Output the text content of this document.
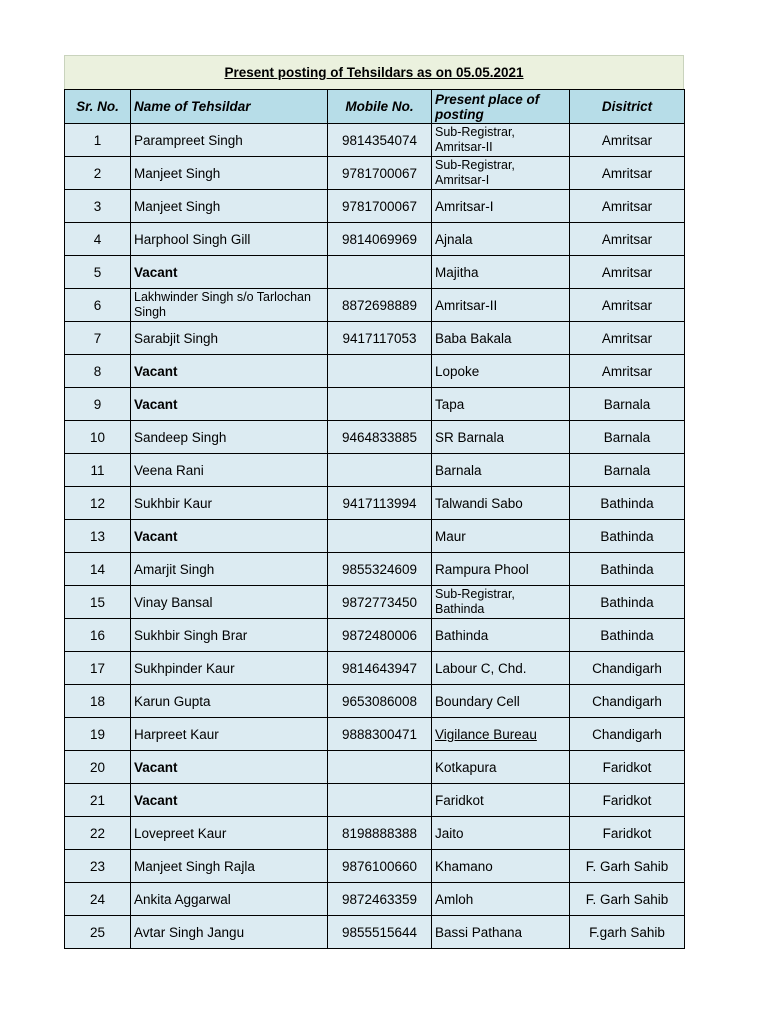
Present posting of Tehsildars as on 05.05.2021
Sr. No.	Name of Tehsildar	Mobile No.	Present place of posting	Disitrict
1	Parampreet Singh	9814354074	Sub-Registrar, Amritsar-II	Amritsar
2	Manjeet Singh	9781700067	Sub-Registrar, Amritsar-I	Amritsar
3	Manjeet Singh	9781700067	Amritsar-I	Amritsar
4	Harphool Singh Gill	9814069969	Ajnala	Amritsar
5	Vacant		Majitha	Amritsar
6	Lakhwinder Singh s/o Tarlochan Singh	8872698889	Amritsar-II	Amritsar
7	Sarabjit Singh	9417117053	Baba Bakala	Amritsar
8	Vacant		Lopoke	Amritsar
9	Vacant		Tapa	Barnala
10	Sandeep Singh	9464833885	SR Barnala	Barnala
11	Veena Rani		Barnala	Barnala
12	Sukhbir Kaur	9417113994	Talwandi Sabo	Bathinda
13	Vacant		Maur	Bathinda
14	Amarjit Singh	9855324609	Rampura Phool	Bathinda
15	Vinay Bansal	9872773450	Sub-Registrar, Bathinda	Bathinda
16	Sukhbir Singh Brar	9872480006	Bathinda	Bathinda
17	Sukhpinder Kaur	9814643947	Labour C, Chd.	Chandigarh
18	Karun Gupta	9653086008	Boundary Cell	Chandigarh
19	Harpreet Kaur	9888300471	Vigilance Bureau	Chandigarh
20	Vacant		Kotkapura	Faridkot
21	Vacant		Faridkot	Faridkot
22	Lovepreet Kaur	8198888388	Jaito	Faridkot
23	Manjeet Singh Rajla	9876100660	Khamano	F. Garh Sahib
24	Ankita Aggarwal	9872463359	Amloh	F. Garh Sahib
25	Avtar Singh Jangu	9855515644	Bassi Pathana	F.garh Sahib
